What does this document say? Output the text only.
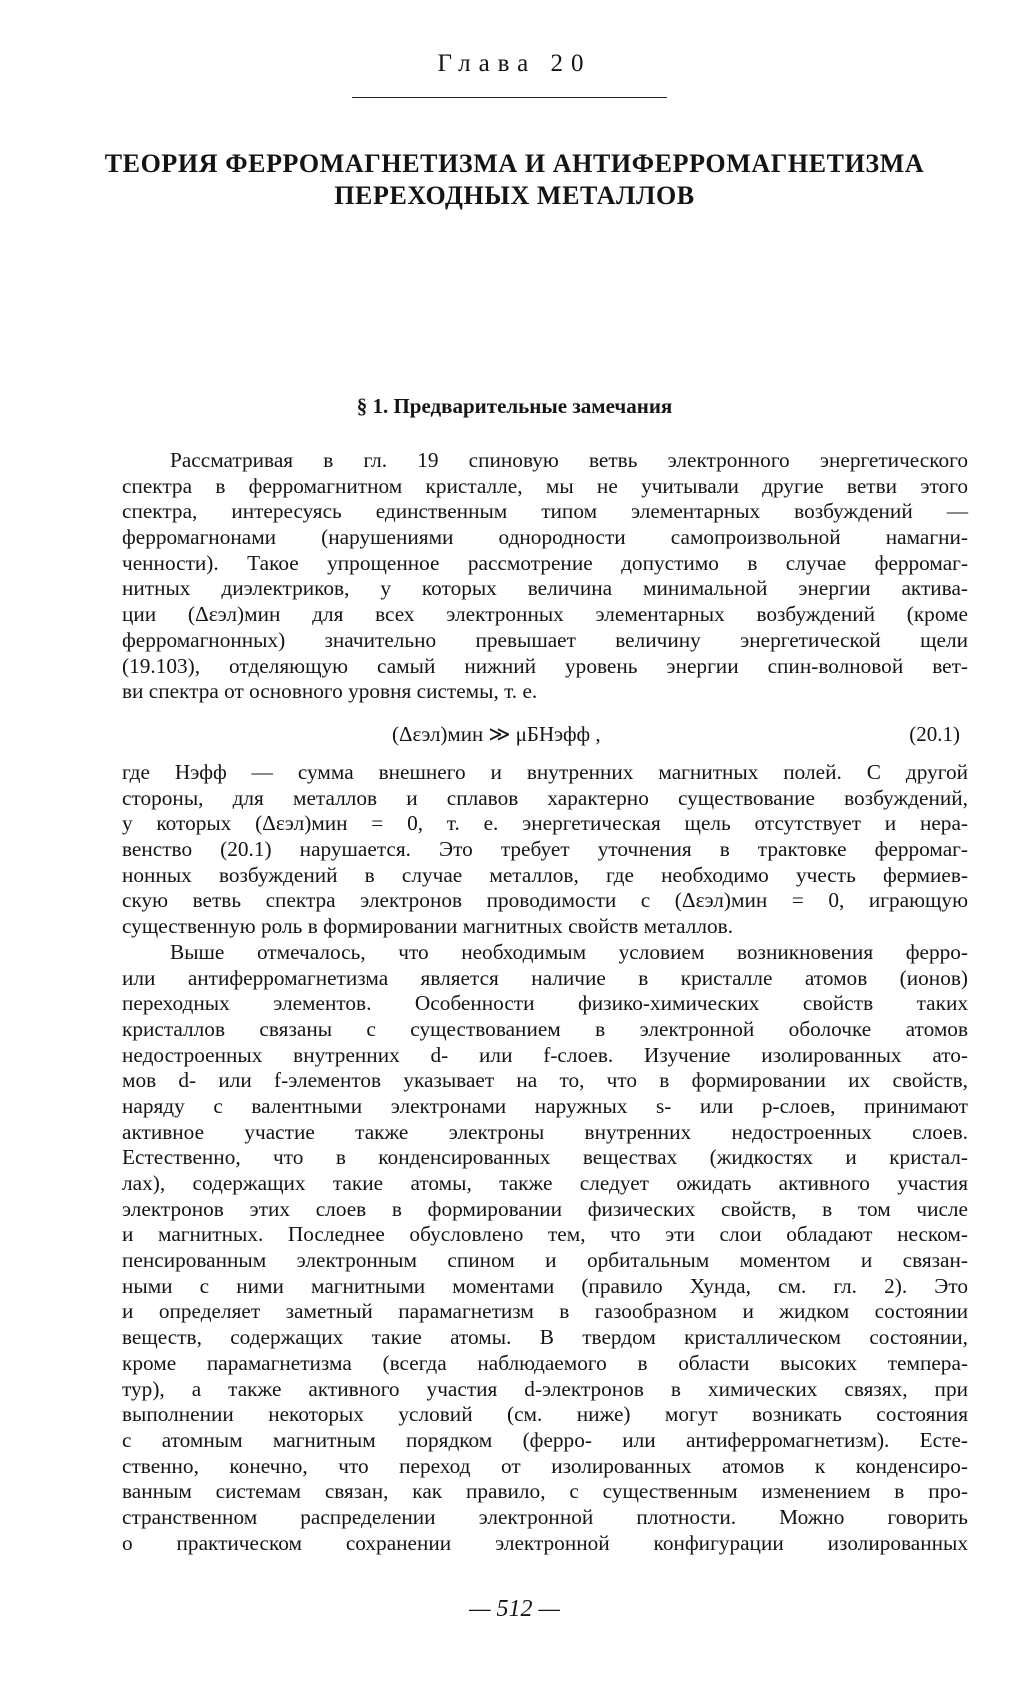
Глава 20
ТЕОРИЯ ФЕРРОМАГНЕТИЗМА И АНТИФЕРРОМАГНЕТИЗМА
ПЕРЕХОДНЫХ МЕТАЛЛОВ
§ 1. Предварительные замечания
Рассматривая в гл. 19 спиновую ветвь электронного энергетического
спектра в ферромагнитном кристалле, мы не учитывали другие ветви этого
спектра, интересуясь единственным типом элементарных возбуждений —
ферромагнонами (нарушениями однородности самопроизвольной намагни-
ченности). Такое упрощенное рассмотрение допустимо в случае ферромаг-
нитных диэлектриков, у которых величина минимальной энергии актива-
ции (Δεэл)мин для всех электронных элементарных возбуждений (кроме
ферромагнонных) значительно превышает величину энергетической щели
(19.103), отделяющую самый нижний уровень энергии спин-волновой вет-
ви спектра от основного уровня системы, т. е.
(Δεэл)мин ≫ μБHэфф ,	(20.1)
где Hэфф — сумма внешнего и внутренних магнитных полей. С другой
стороны, для металлов и сплавов характерно существование возбуждений,
у которых (Δεэл)мин = 0, т. е. энергетическая щель отсутствует и нера-
венство (20.1) нарушается. Это требует уточнения в трактовке ферромаг-
нонных возбуждений в случае металлов, где необходимо учесть фермиев-
скую ветвь спектра электронов проводимости с (Δεэл)мин = 0, играющую
существенную роль в формировании магнитных свойств металлов.
Выше отмечалось, что необходимым условием возникновения ферро-
или антиферромагнетизма является наличие в кристалле атомов (ионов)
переходных элементов. Особенности физико-химических свойств таких
кристаллов связаны с существованием в электронной оболочке атомов
недостроенных внутренних d- или f-слоев. Изучение изолированных ато-
мов d- или f-элементов указывает на то, что в формировании их свойств,
наряду с валентными электронами наружных s- или p-слоев, принимают
активное участие также электроны внутренних недостроенных слоев.
Естественно, что в конденсированных веществах (жидкостях и кристал-
лах), содержащих такие атомы, также следует ожидать активного участия
электронов этих слоев в формировании физических свойств, в том числе
и магнитных. Последнее обусловлено тем, что эти слои обладают неском-
пенсированным электронным спином и орбитальным моментом и связан-
ными с ними магнитными моментами (правило Хунда, см. гл. 2). Это
и определяет заметный парамагнетизм в газообразном и жидком состоянии
веществ, содержащих такие атомы. В твердом кристаллическом состоянии,
кроме парамагнетизма (всегда наблюдаемого в области высоких темпера-
тур), а также активного участия d-электронов в химических связях, при
выполнении некоторых условий (см. ниже) могут возникать состояния
с атомным магнитным порядком (ферро- или антиферромагнетизм). Есте-
ственно, конечно, что переход от изолированных атомов к конденсиро-
ванным системам связан, как правило, с существенным изменением в про-
странственном распределении электронной плотности. Можно говорить
о практическом сохранении электронной конфигурации изолированных
— 512 —
